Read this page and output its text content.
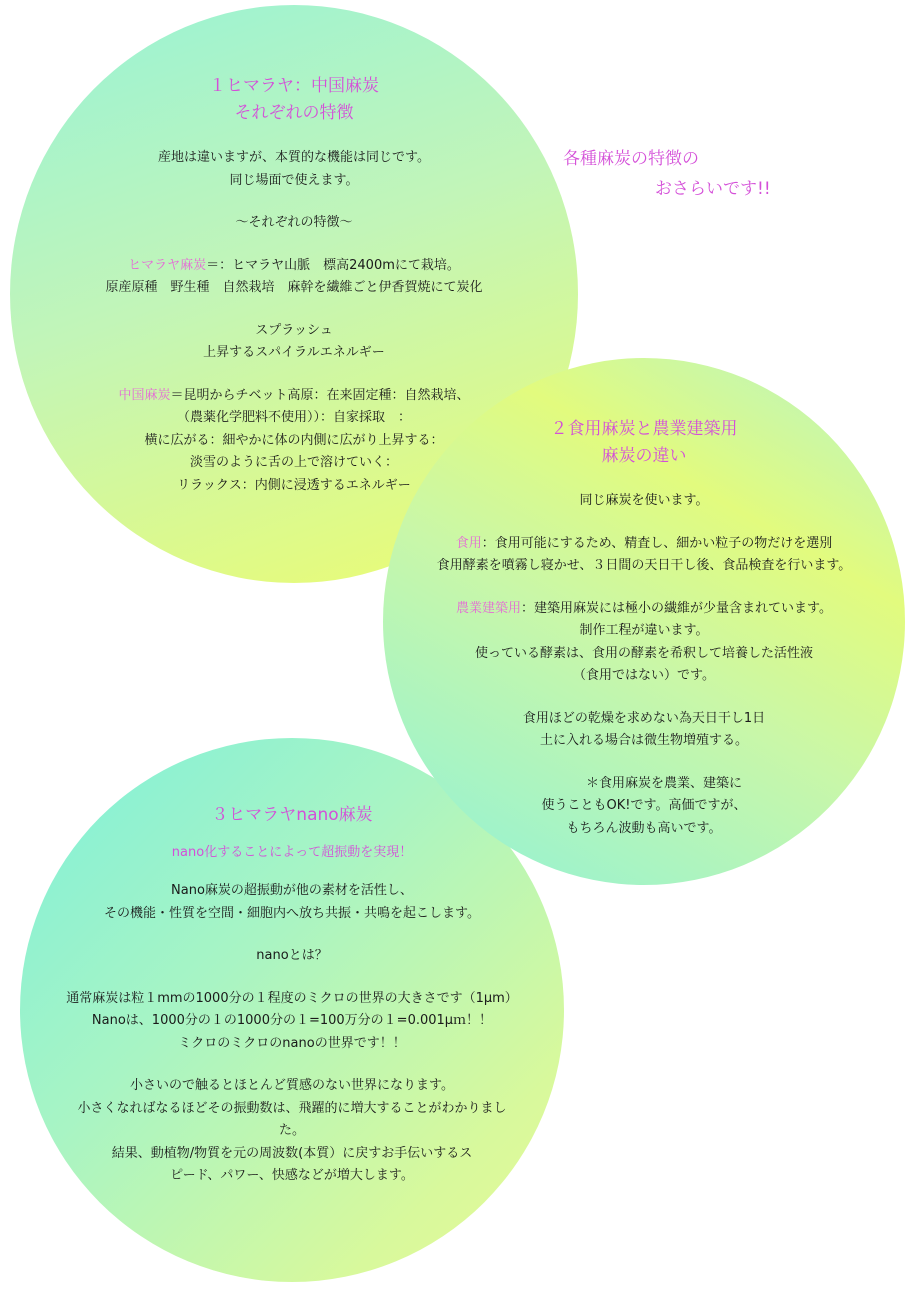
各種麻炭の特徴の
おさらいです!!
１ヒマラヤ：中国麻炭
それぞれの特徴
産地は違いますが、本質的な機能は同じです。
同じ場面で使えます。
～それぞれの特徴～
ヒマラヤ麻炭＝：ヒマラヤ山脈　標高2400mにて栽培。
原産原種　野生種　自然栽培　麻幹を繊維ごと伊香賀焼にて炭化
スプラッシュ
上昇するスパイラルエネルギー
中国麻炭＝昆明からチベット高原：在来固定種：自然栽培、
（農薬化学肥料不使用））：自家採取　：
横に広がる：細やかに体の内側に広がり上昇する：
淡雪のように舌の上で溶けていく：
リラックス：内側に浸透するエネルギー
２食用麻炭と農業建築用
麻炭の違い
同じ麻炭を使います。
食用：食用可能にするため、精査し、細かい粒子の物だけを選別
食用酵素を噴霧し寝かせ、３日間の天日干し後、食品検査を行います。
農業建築用：建築用麻炭には極小の繊維が少量含まれています。
制作工程が違います。
使っている酵素は、食用の酵素を希釈して培養した活性液
（食用ではない）です。
食用ほどの乾燥を求めない為天日干し1日
土に入れる場合は微生物増殖する。
＊食用麻炭を農業、建築に
使うこともOK!です。高価ですが、
もちろん波動も高いです。
３ヒマラヤnano麻炭
nano化することによって超振動を実現！
Nano麻炭の超振動が他の素材を活性し、
その機能・性質を空間・細胞内へ放ち共振・共鳴を起こします。
nanoとは？
通常麻炭は粒１mmの1000分の１程度のミクロの世界の大きさです（1μm）
Nanoは、1000分の１の1000分の１=100万分の１=0.001μｍ！！
ミクロのミクロのnanoの世界です！！
小さいので触るとほとんど質感のない世界になります。
小さくなればなるほどその振動数は、飛躍的に増大することがわかりまし
た。
結果、動植物/物質を元の周波数(本質）に戻すお手伝いするス
ピード、パワー、快感などが増大します。
